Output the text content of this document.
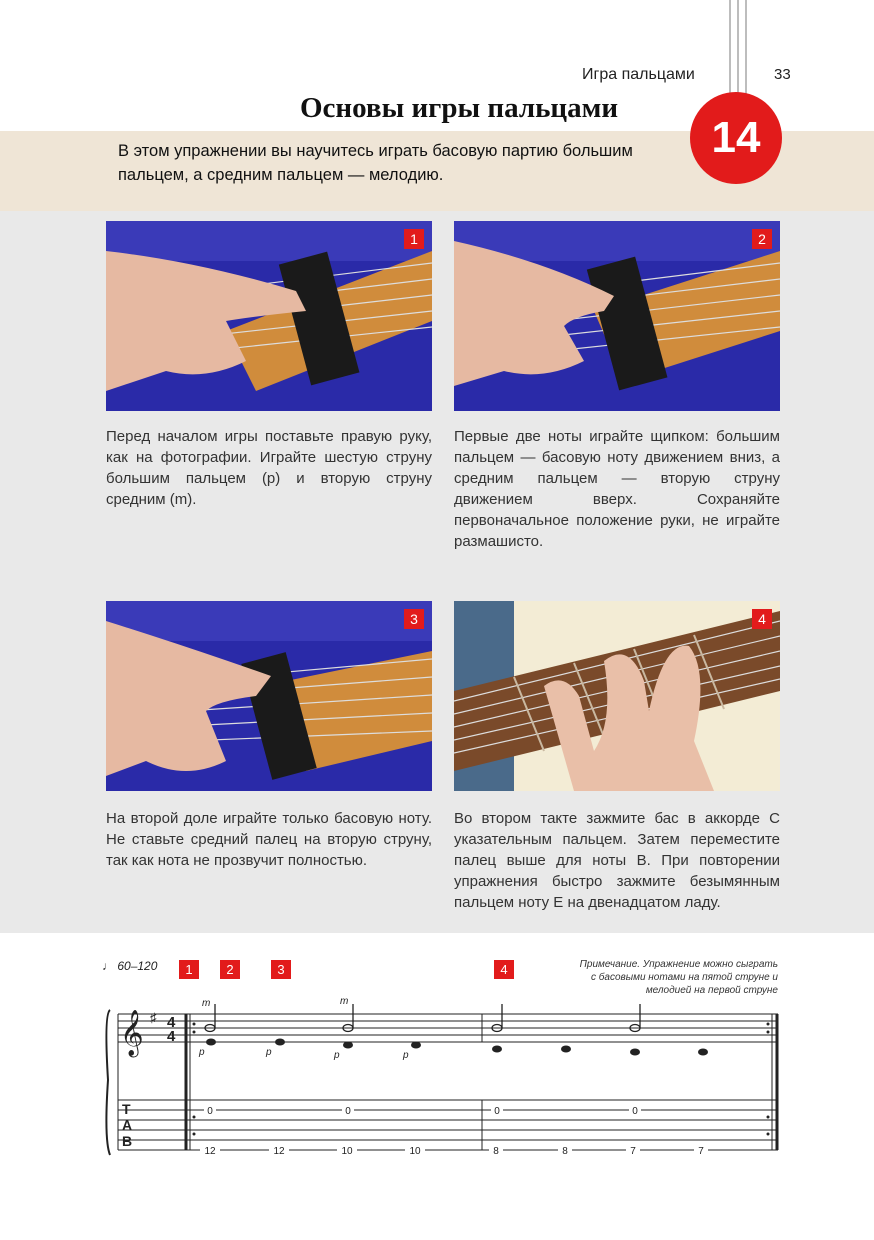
Игра пальцами	33
Основы игры пальцами
В этом упражнении вы научитесь играть басовую партию большим пальцем, а средним пальцем — мелодию.
14
1	2
Перед началом игры поставьте правую руку, как на фотографии. Играйте шестую струну большим пальцем (p) и вторую струну средним (m).
Первые две ноты играйте щипком: большим пальцем — басовую ноту движением вниз, а средним пальцем — вторую струну движением вверх. Сохраняйте первоначальное положение руки, не играйте размашисто.
3	4
На второй доле играйте только басовую ноту. Не ставьте средний палец на вторую струну, так как нота не прозвучит полностью.
Во втором такте зажмите бас в аккорде C указательным пальцем. Затем переместите палец выше для ноты B. При повторении упражнения быстро зажмите безымянным пальцем ноту E на двенадцатом ладу.
♩ 60–120	1	2	3	4	Примечание. Упражнение можно сыграть с басовыми нотами на пятой струне и мелодией на первой струне
𝄞 ♯ 4
4
T
A
B
m	m
p	p	p	p
0	0	0	0
12	12	10	10	8	8	7	7
